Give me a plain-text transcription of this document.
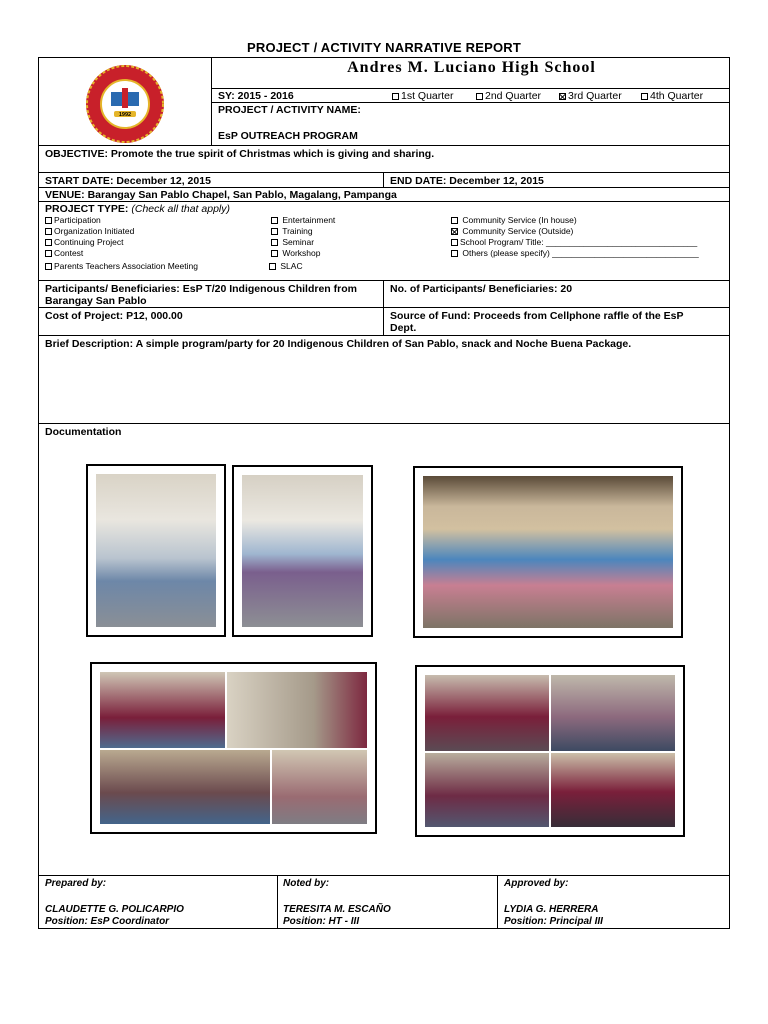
PROJECT / ACTIVITY NARRATIVE REPORT
1992
Andres M. Luciano High School
SY: 2015 - 2016	1st Quarter	2nd Quarter	3rd Quarter	4th Quarter
PROJECT / ACTIVITY NAME:
EsP OUTREACH PROGRAM
OBJECTIVE: Promote the true spirit of Christmas which is giving and sharing.
START DATE: December 12, 2015	END DATE: December 12, 2015
VENUE: Barangay San Pablo Chapel, San Pablo, Magalang, Pampanga
PROJECT TYPE: (Check all that apply)
Participation
Organization Initiated
Continuing Project
Contest
Parents Teachers Association Meeting
Entertainment
Training
Seminar
Workshop
SLAC
Community Service (In house)
Community Service (Outside)
School Program/ Title: ________________________________
Others (please specify) _______________________________
Participants/ Beneficiaries: EsP T/20 Indigenous Children from
Barangay San Pablo
No. of Participants/ Beneficiaries: 20
Cost of Project: P12, 000.00	Source of Fund: Proceeds from Cellphone raffle of the EsP
Dept.
Brief Description: A simple program/party for 20 Indigenous Children of San Pablo, snack and Noche Buena Package.
Documentation
Prepared by:
CLAUDETTE G. POLICARPIO
Position: EsP Coordinator
Noted by:
TERESITA M. ESCAÑO
Position: HT - III
Approved by:
LYDIA G. HERRERA
Position: Principal III
